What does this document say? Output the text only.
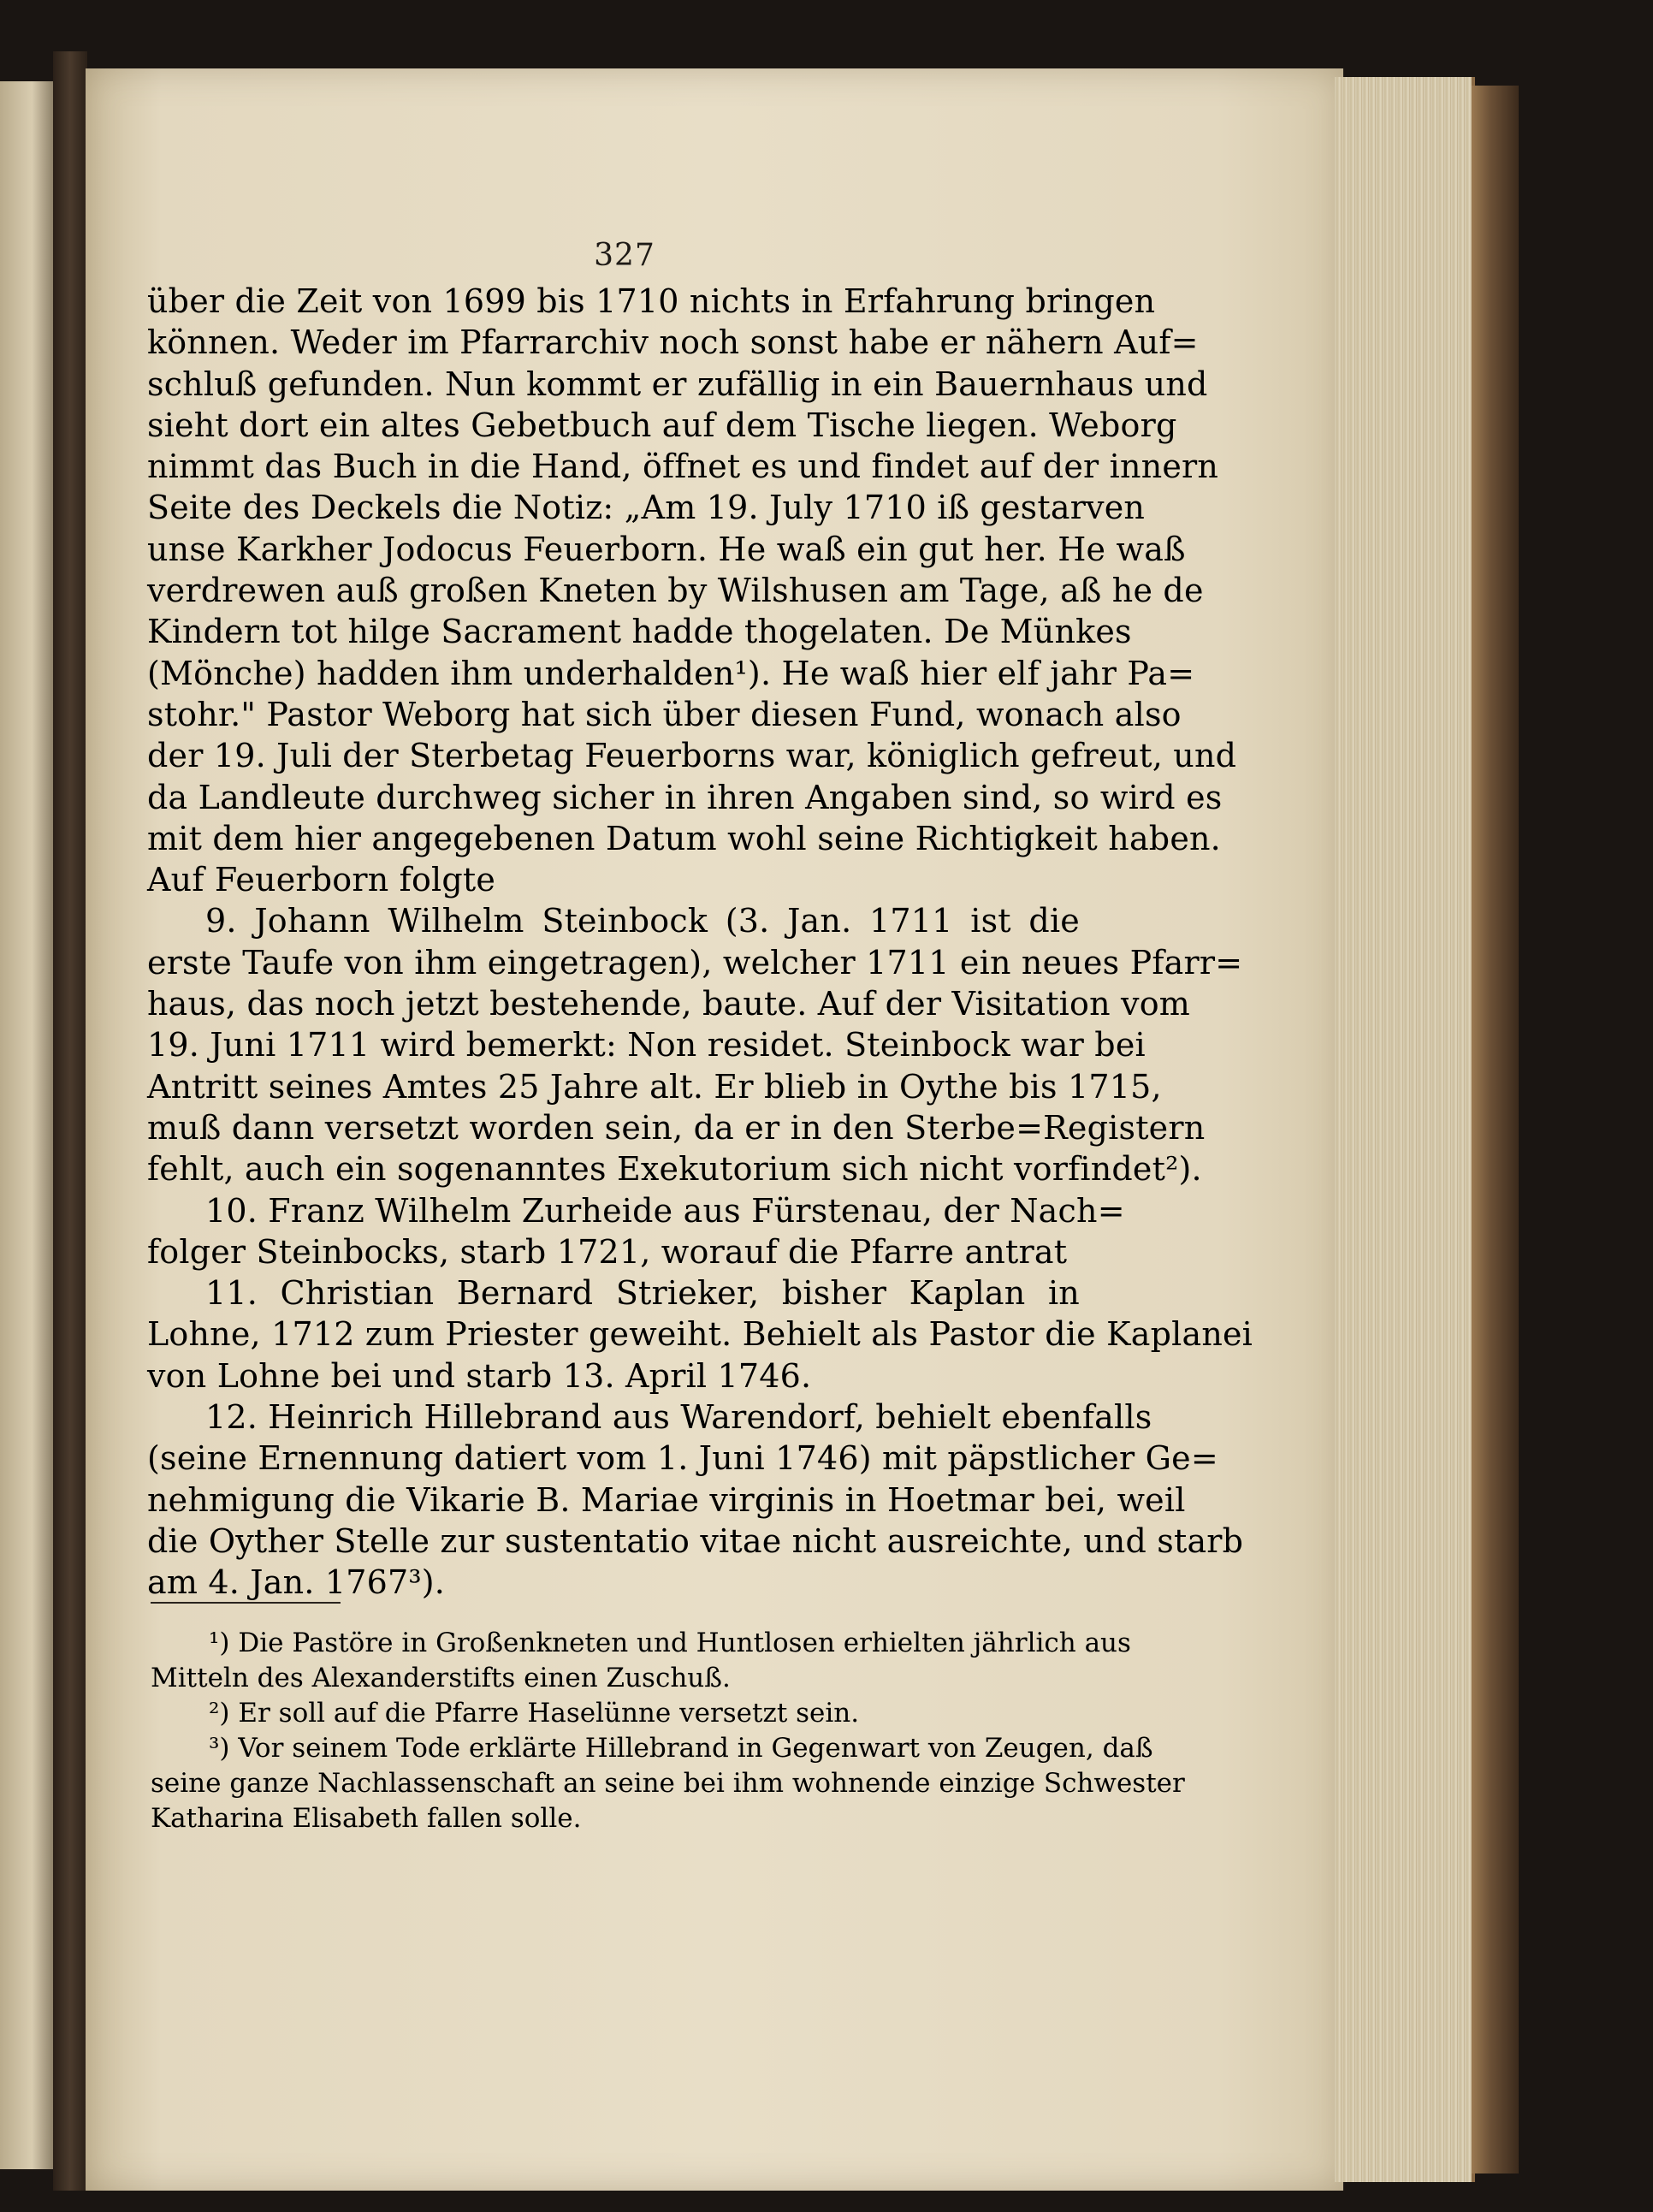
327
über die Zeit von 1699 bis 1710 nichts in Erfahrung bringen
können. Weder im Pfarrarchiv noch sonst habe er nähern Auf=
schluß gefunden. Nun kommt er zufällig in ein Bauernhaus und
sieht dort ein altes Gebetbuch auf dem Tische liegen. Weborg
nimmt das Buch in die Hand, öffnet es und findet auf der innern
Seite des Deckels die Notiz: „Am 19. July 1710 iß gestarven
unse Karkher Jodocus Feuerborn. He waß ein gut her. He waß
verdrewen auß großen Kneten by Wilshusen am Tage, aß he de
Kindern tot hilge Sacrament hadde thogelaten. De Münkes
(Mönche) hadden ihm underhalden¹). He waß hier elf jahr Pa=
stohr." Pastor Weborg hat sich über diesen Fund, wonach also
der 19. Juli der Sterbetag Feuerborns war, königlich gefreut, und
da Landleute durchweg sicher in ihren Angaben sind, so wird es
mit dem hier angegebenen Datum wohl seine Richtigkeit haben.
Auf Feuerborn folgte
9. Johann Wilhelm Steinbock (3. Jan. 1711 ist die
erste Taufe von ihm eingetragen), welcher 1711 ein neues Pfarr=
haus, das noch jetzt bestehende, baute. Auf der Visitation vom
19. Juni 1711 wird bemerkt: Non residet. Steinbock war bei
Antritt seines Amtes 25 Jahre alt. Er blieb in Oythe bis 1715,
muß dann versetzt worden sein, da er in den Sterbe=Registern
fehlt, auch ein sogenanntes Exekutorium sich nicht vorfindet²).
10. Franz Wilhelm Zurheide aus Fürstenau, der Nach=
folger Steinbocks, starb 1721, worauf die Pfarre antrat
11. Christian Bernard Strieker, bisher Kaplan in
Lohne, 1712 zum Priester geweiht. Behielt als Pastor die Kaplanei
von Lohne bei und starb 13. April 1746.
12. Heinrich Hillebrand aus Warendorf, behielt ebenfalls
(seine Ernennung datiert vom 1. Juni 1746) mit päpstlicher Ge=
nehmigung die Vikarie B. Mariae virginis in Hoetmar bei, weil
die Oyther Stelle zur sustentatio vitae nicht ausreichte, und starb
am 4. Jan. 1767³).
¹) Die Pastöre in Großenkneten und Huntlosen erhielten jährlich aus
Mitteln des Alexanderstifts einen Zuschuß.
²) Er soll auf die Pfarre Haselünne versetzt sein.
³) Vor seinem Tode erklärte Hillebrand in Gegenwart von Zeugen, daß
seine ganze Nachlassenschaft an seine bei ihm wohnende einzige Schwester
Katharina Elisabeth fallen solle.
